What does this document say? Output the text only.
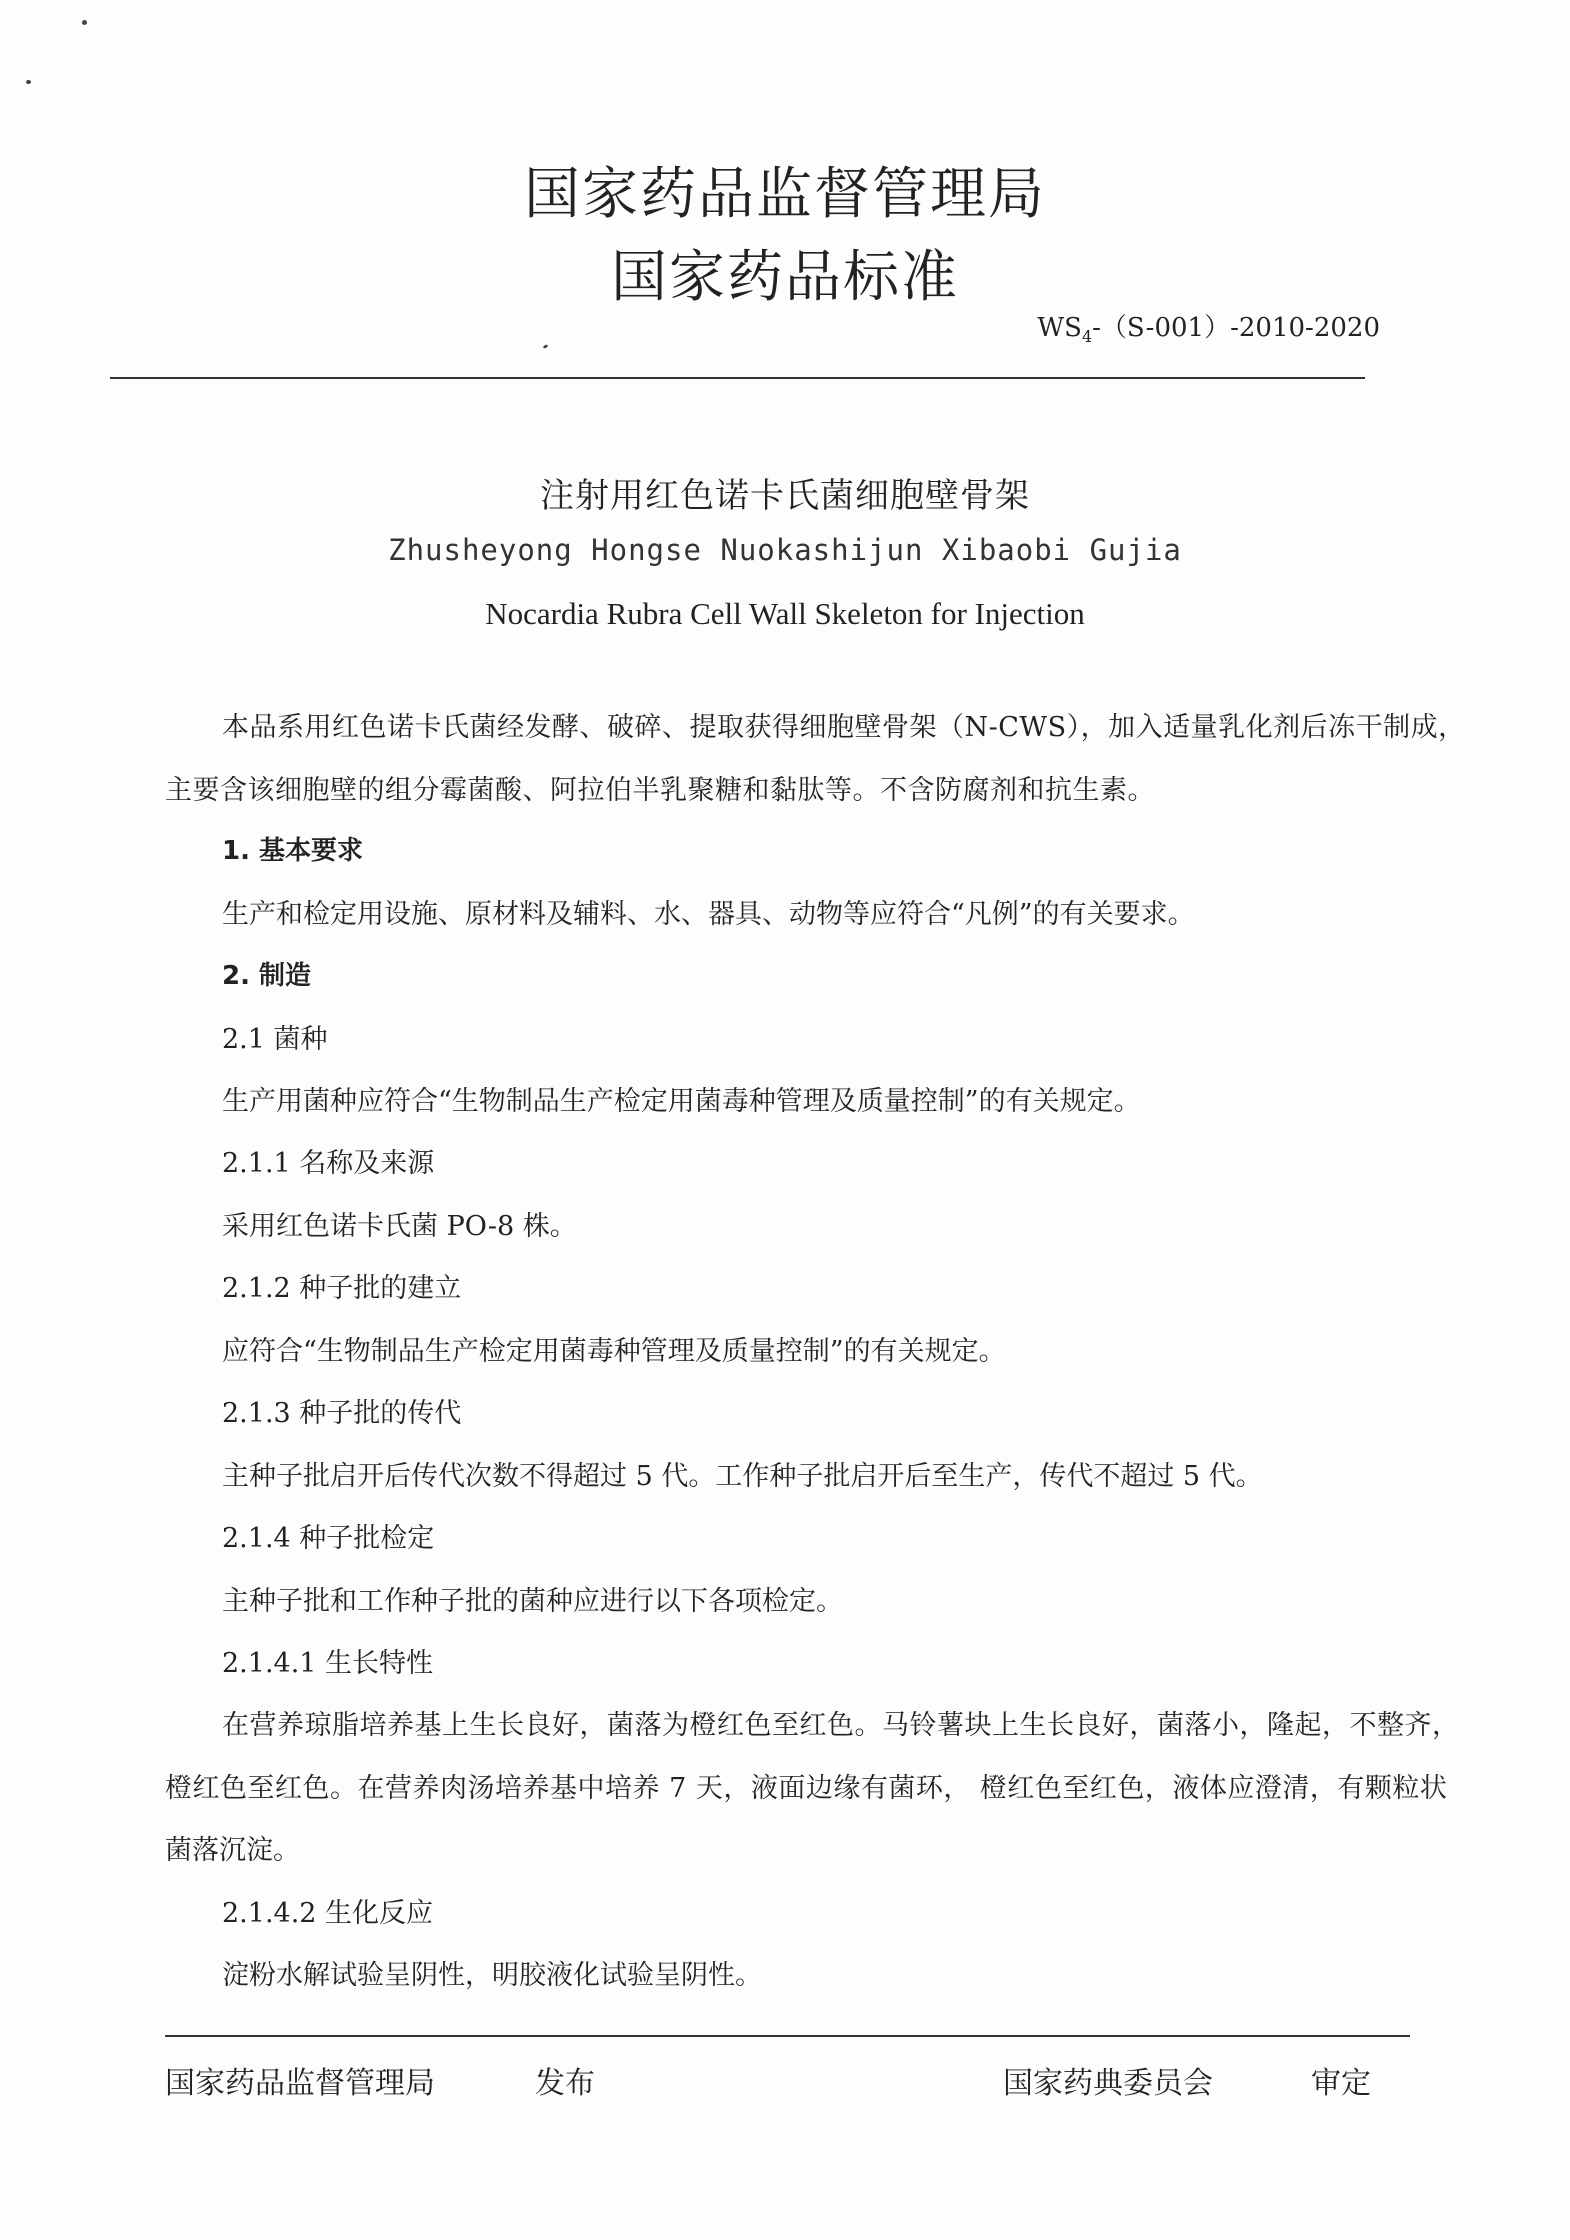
国家药品监督管理局
国家药品标准
$WS_4-(S-001)-2010-2020$
注射用红色诺卡氏菌细胞壁骨架
Zhusheyong Hongse Nuokashijun Xibaobi Gujia
Nocardia Rubra Cell Wall Skeleton for Injection
本品系用红色诺卡氏菌经发酵、破碎、提取获得细胞壁骨架（N-CWS），加入适量乳化剂后冻干制成，
主要含该细胞壁的组分霉菌酸、阿拉伯半乳聚糖和黏肽等。不含防腐剂和抗生素。
1. 基本要求
生产和检定用设施、原材料及辅料、水、器具、动物等应符合“凡例”的有关要求。
2. 制造
2.1 菌种
生产用菌种应符合“生物制品生产检定用菌毒种管理及质量控制”的有关规定。
2.1.1 名称及来源
采用红色诺卡氏菌 PO-8 株。
2.1.2 种子批的建立
应符合“生物制品生产检定用菌毒种管理及质量控制”的有关规定。
2.1.3 种子批的传代
主种子批启开后传代次数不得超过 5 代。工作种子批启开后至生产，传代不超过 5 代。
2.1.4 种子批检定
主种子批和工作种子批的菌种应进行以下各项检定。
2.1.4.1 生长特性
在营养琼脂培养基上生长良好，菌落为橙红色至红色。马铃薯块上生长良好，菌落小，隆起，不整齐，
橙红色至红色。在营养肉汤培养基中培养 7 天，液面边缘有菌环， 橙红色至红色，液体应澄清，有颗粒状
菌落沉淀。
2.1.4.2 生化反应
淀粉水解试验呈阴性，明胶液化试验呈阴性。
国家药品监督管理局	发布	国家药典委员会	审定
